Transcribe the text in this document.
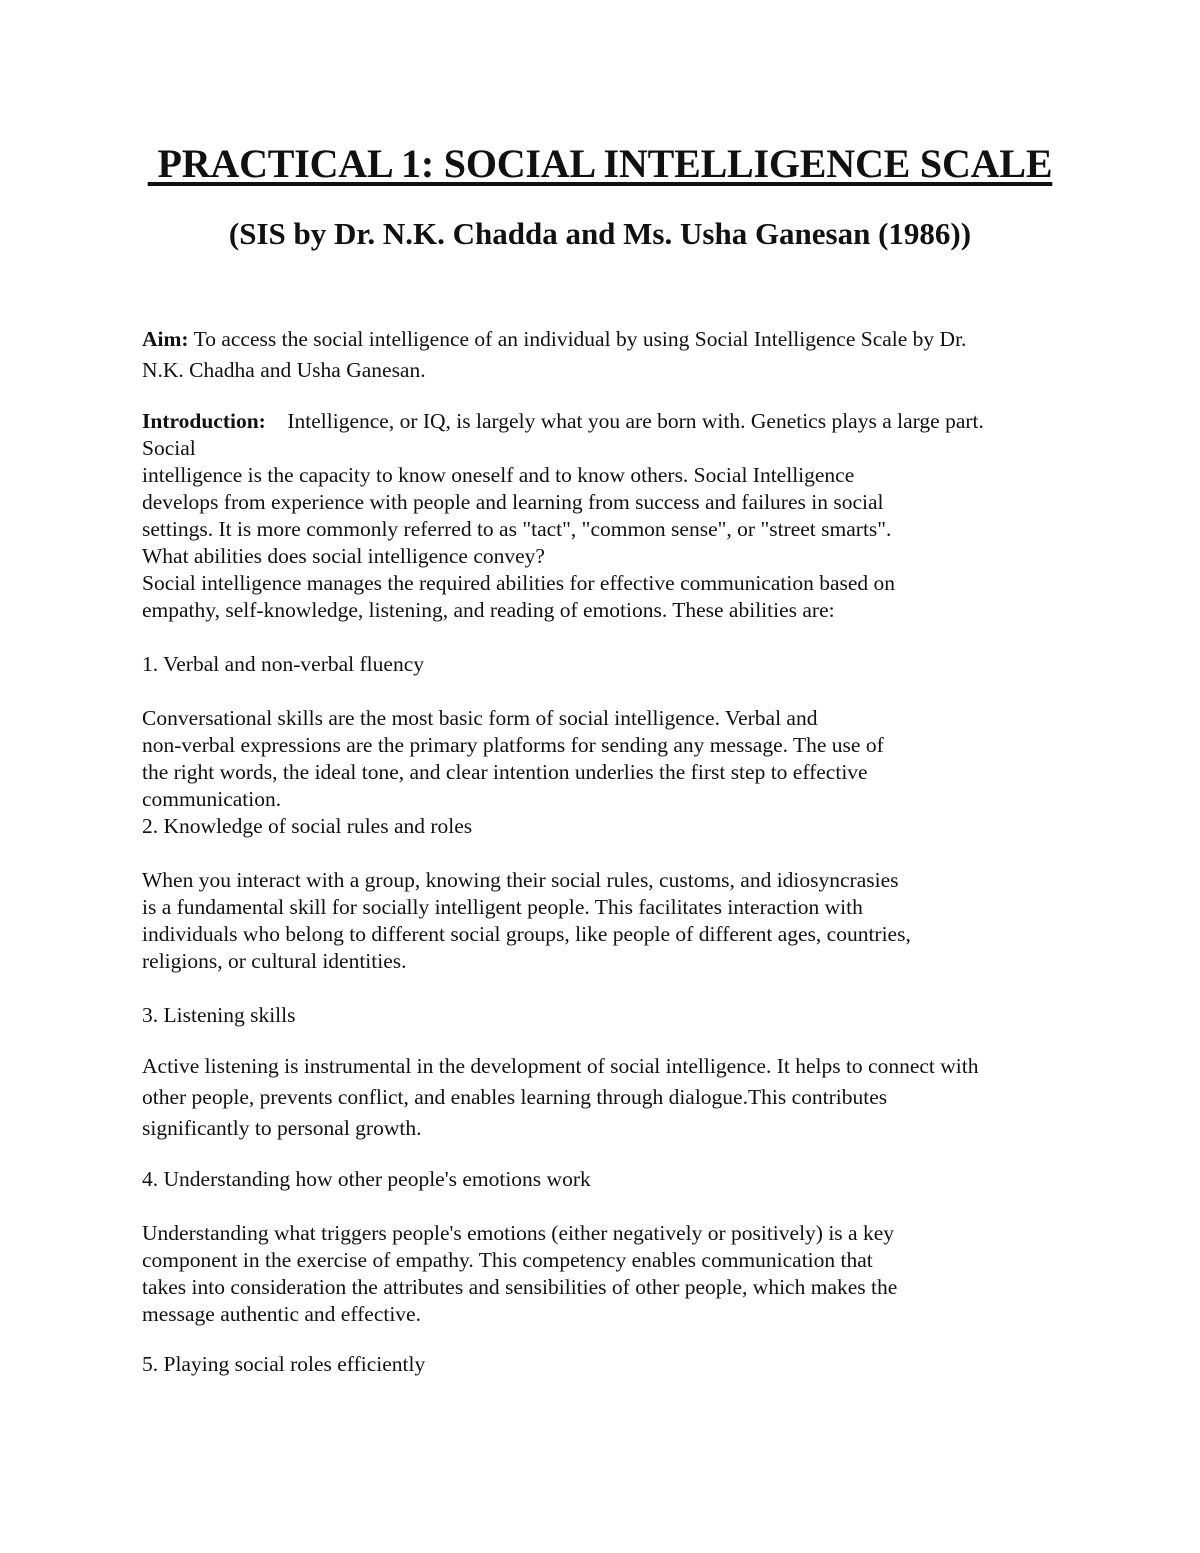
PRACTICAL 1: SOCIAL INTELLIGENCE SCALE
(SIS by Dr. N.K. Chadda and Ms. Usha Ganesan (1986))
Aim: To access the social intelligence of an individual by using Social Intelligence Scale by Dr.
N.K. Chadha and Usha Ganesan.
Introduction:    Intelligence, or IQ, is largely what you are born with. Genetics plays a large part.
Social
intelligence is the capacity to know oneself and to know others. Social Intelligence
develops from experience with people and learning from success and failures in social
settings. It is more commonly referred to as "tact", "common sense", or "street smarts".
What abilities does social intelligence convey?
Social intelligence manages the required abilities for effective communication based on
empathy, self-knowledge, listening, and reading of emotions. These abilities are:
1. Verbal and non-verbal fluency
Conversational skills are the most basic form of social intelligence. Verbal and
non-verbal expressions are the primary platforms for sending any message. The use of
the right words, the ideal tone, and clear intention underlies the first step to effective
communication.
2. Knowledge of social rules and roles
When you interact with a group, knowing their social rules, customs, and idiosyncrasies
is a fundamental skill for socially intelligent people. This facilitates interaction with
individuals who belong to different social groups, like people of different ages, countries,
religions, or cultural identities.
3. Listening skills
Active listening is instrumental in the development of social intelligence. It helps to connect with
other people, prevents conflict, and enables learning through dialogue.This contributes
significantly to personal growth.
4. Understanding how other people's emotions work
Understanding what triggers people's emotions (either negatively or positively) is a key
component in the exercise of empathy. This competency enables communication that
takes into consideration the attributes and sensibilities of other people, which makes the
message authentic and effective.
5. Playing social roles efficiently
